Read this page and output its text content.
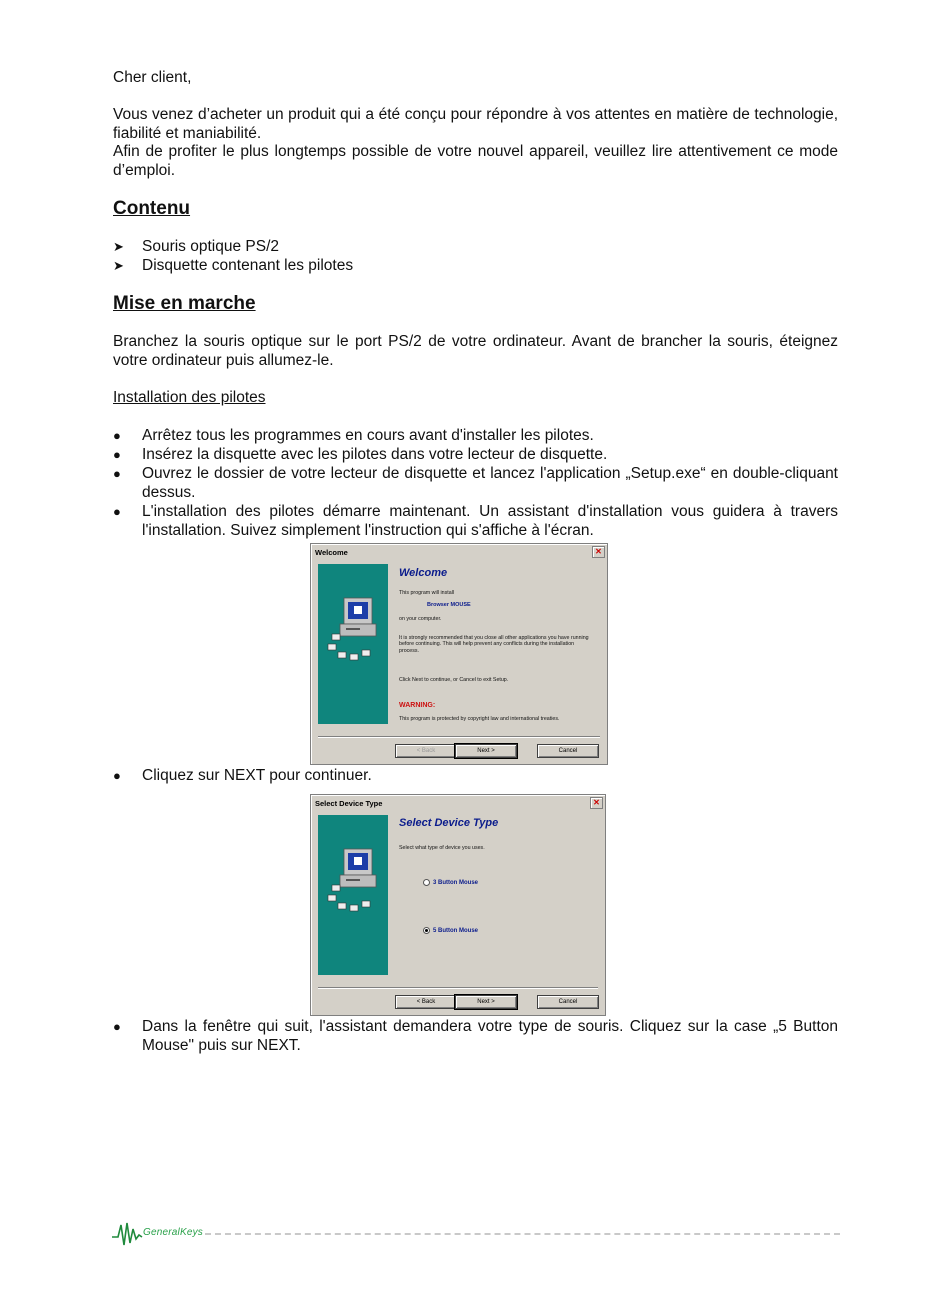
Cher client,
Vous venez d’acheter un produit qui a été conçu pour répondre à vos attentes en matière de technologie, fiabilité et maniabilité.
Afin de profiter le plus longtemps possible de votre nouvel appareil, veuillez lire attentivement ce mode d’emploi.
Contenu
➤ Souris optique PS/2
➤ Disquette contenant les pilotes
Mise en marche
Branchez la souris optique sur le port PS/2 de votre ordinateur. Avant de brancher la souris, éteignez votre ordinateur puis allumez-le.
Installation des pilotes
● Arrêtez tous les programmes en cours avant d'installer les pilotes.
● Insérez la disquette avec les pilotes dans votre lecteur de disquette.
● Ouvrez le dossier de votre lecteur de disquette et lancez l'application „Setup.exe“ en double-cliquant dessus.
● L'installation des pilotes démarre maintenant. Un assistant d'installation vous guidera à travers l'installation. Suivez simplement l'instruction qui s'affiche à l'écran.
Welcome	✕
Welcome
This program will install
Browser MOUSE
on your computer.
It is strongly recommended that you close all other applications you have running before continuing. This will help prevent any conflicts during the installation process.
Click Next to continue, or Cancel to exit Setup.
WARNING:
This program is protected by copyright law and international treaties.
< Back	Next >	Cancel
● Cliquez sur NEXT pour continuer.
Select Device Type	✕
Select Device Type
Select what type of device you uses.
3 Button Mouse
5 Button Mouse
< Back	Next >	Cancel
● Dans la fenêtre qui suit, l'assistant demandera votre type de souris. Cliquez sur la case „5 Button Mouse" puis sur NEXT.
GeneralKeys
